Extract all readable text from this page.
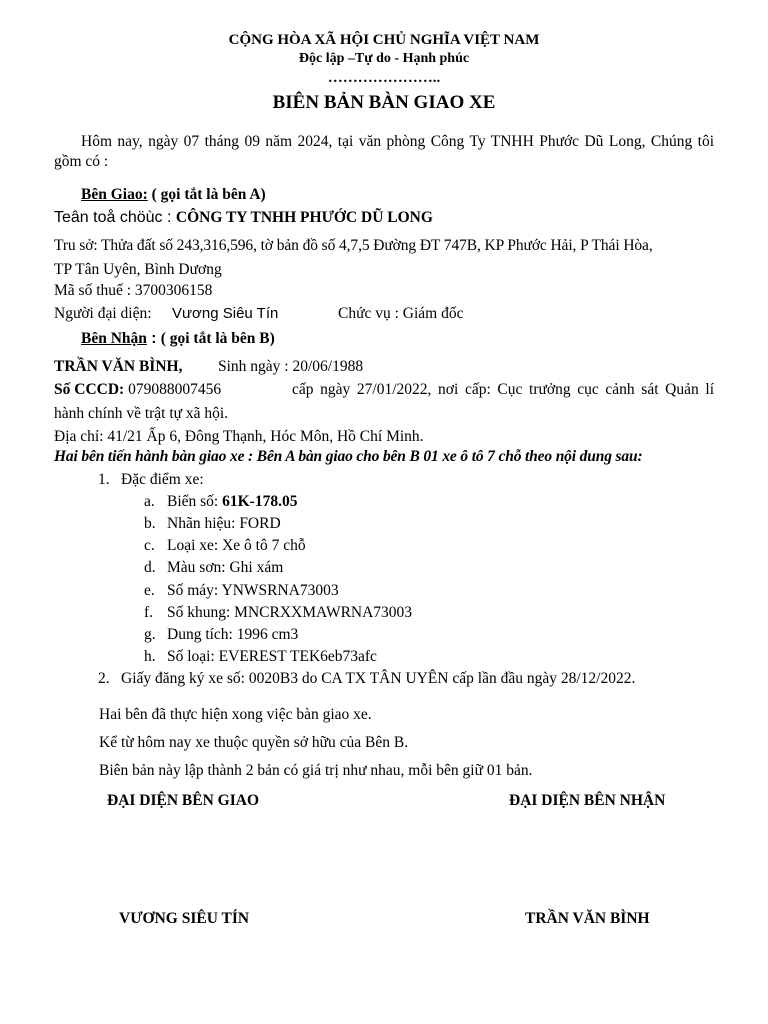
CỘNG HÒA XÃ HỘI CHỦ NGHĨA VIỆT NAM
Độc lập –Tự do - Hạnh phúc
…………………..
BIÊN BẢN BÀN GIAO XE
Hôm nay, ngày 07 tháng 09 năm 2024, tại văn phòng Công Ty TNHH Phước Dũ Long, Chúng tôi gồm có :
Bên Giao: ( gọi tắt là bên A)
Teân toå chöùc : CÔNG TY TNHH PHƯỚC DŨ LONG
Tru sở: Thửa đất số 243,316,596, tờ bản đồ số 4,7,5 Đường ĐT 747B, KP Phước Hải, P Thái Hòa,
TP Tân Uyên, Bình Dương
Mã số thuế : 3700306158
Người đại diện: Vương Siêu Tín	Chức vụ : Giám đốc
Bên Nhận : ( gọi tắt là bên B)
TRẦN VĂN BÌNH, Sinh ngày : 20/06/1988
Số CCCD: 079088007456	cấp ngày 27/01/2022, nơi cấp: Cục trưởng cục cảnh sát Quản lí
hành chính về trật tự xã hội.
Địa chỉ: 41/21 Ấp 6, Đông Thạnh, Hóc Môn, Hồ Chí Minh.
Hai bên tiến hành bàn giao xe : Bên A bàn giao cho bên B 01 xe ô tô 7 chỗ theo nội dung sau:
1. Đặc điểm xe:
a. Biển số: 61K-178.05
b. Nhãn hiệu: FORD
c. Loại xe: Xe ô tô 7 chỗ
d. Màu sơn: Ghi xám
e. Số máy: YNWSRNA73003
f. Số khung: MNCRXXMAWRNA73003
g. Dung tích: 1996 cm3
h. Số loại: EVEREST TEK6eb73afc
2. Giấy đăng ký xe số: 0020B3 do CA TX TÂN UYÊN cấp lần đầu ngày 28/12/2022.
Hai bên đã thực hiện xong việc bàn giao xe.
Kể từ hôm nay xe thuộc quyền sở hữu của Bên B.
Biên bản này lập thành 2 bản có giá trị như nhau, mỗi bên giữ 01 bản.
ĐẠI DIỆN BÊN GIAO	ĐẠI DIỆN BÊN NHẬN
VƯƠNG SIÊU TÍN	TRẦN VĂN BÌNH
